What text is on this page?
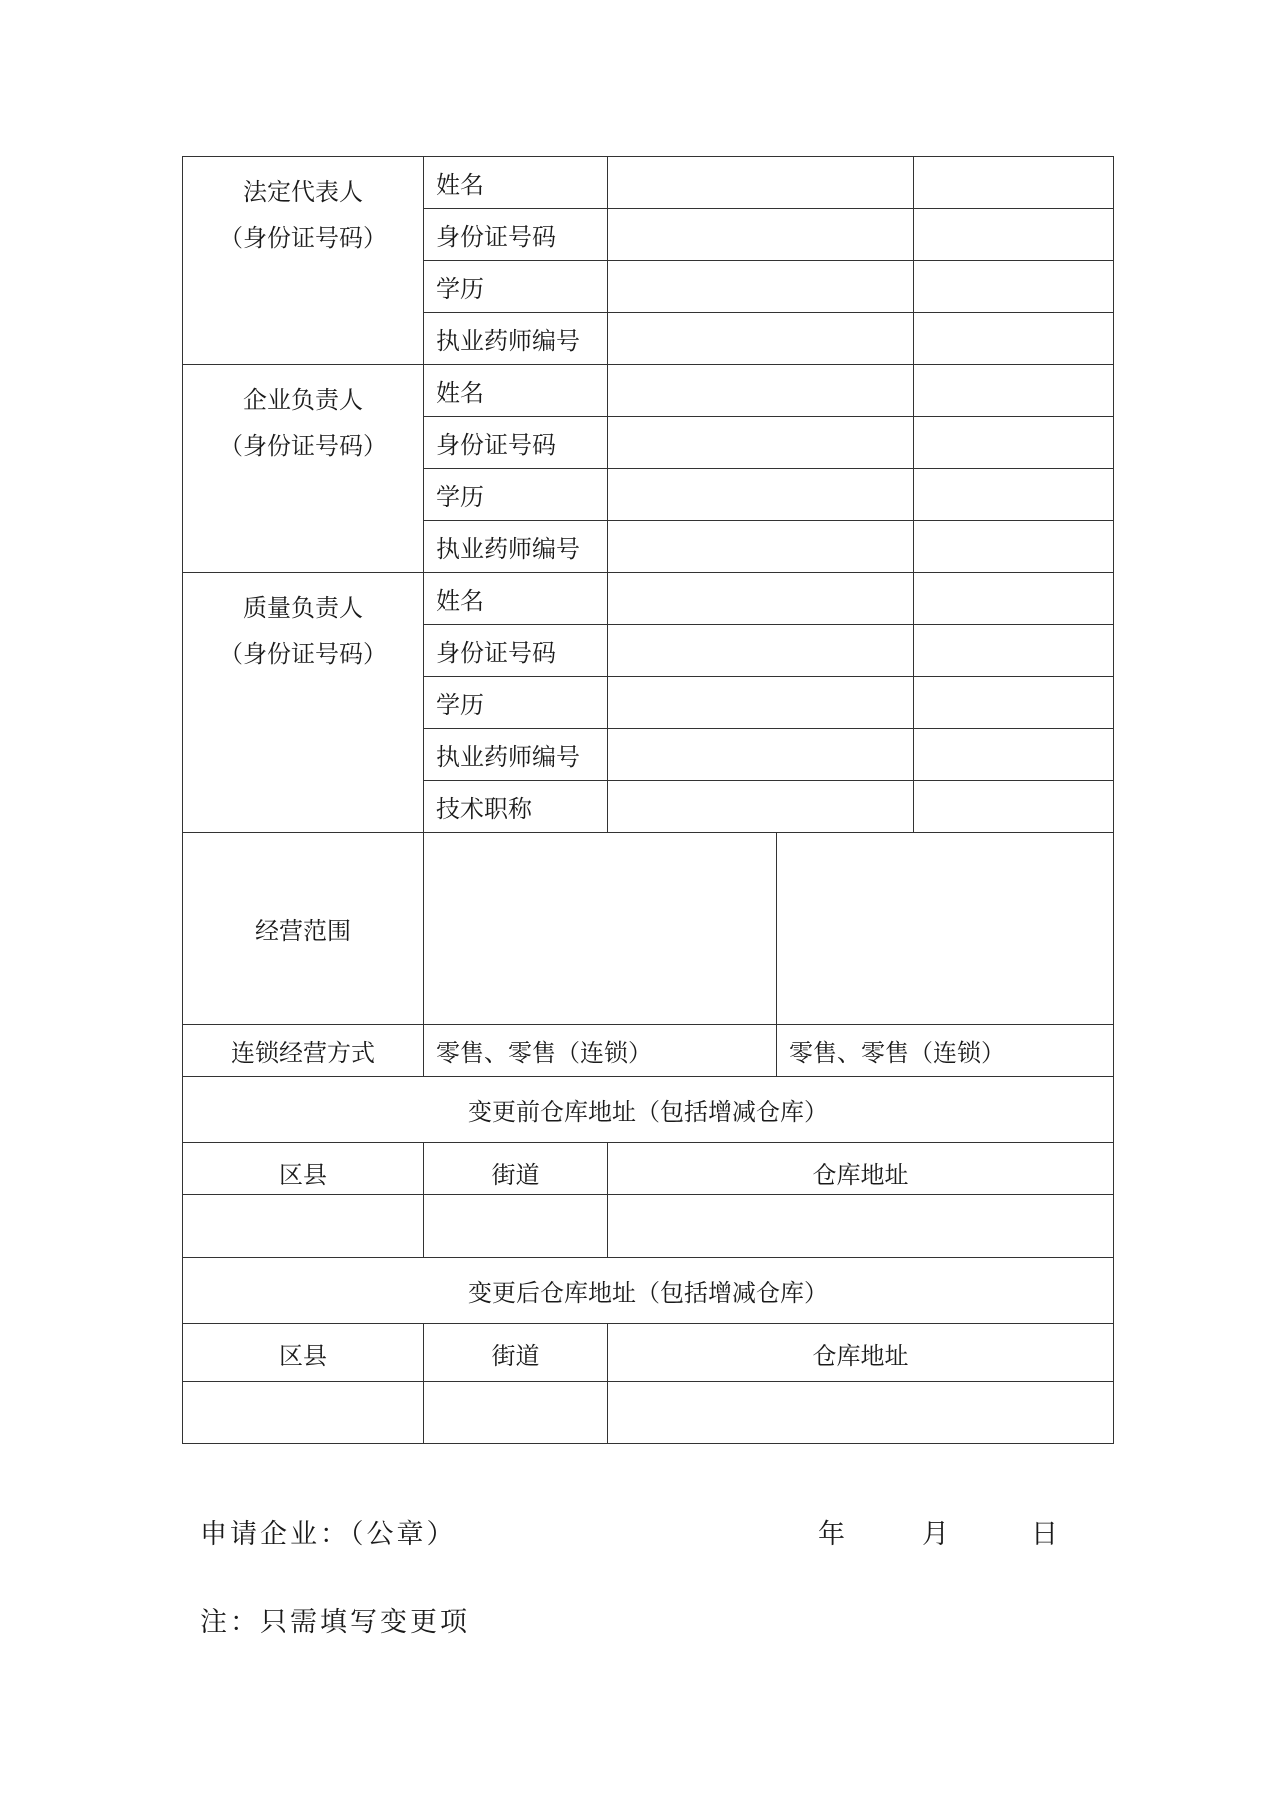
法定代表人
（身份证号码）	姓名			
	身份证号码			
	学历			
	执业药师编号			

企业负责人
（身份证号码）	姓名			
	身份证号码			
	学历			
	执业药师编号			

质量负责人
（身份证号码）	姓名			
	身份证号码			
	学历			
	执业药师编号			
	技术职称			
经营范围				
连锁经营方式	零售、零售（连锁）		零售、零售（连锁）	
变更前仓库地址（包括增减仓库）				
区县	街道	仓库地址		

变更后仓库地址（包括增减仓库）				
区县	街道	仓库地址		

申请企业：（公章）	年	月	日
注：只需填写变更项
